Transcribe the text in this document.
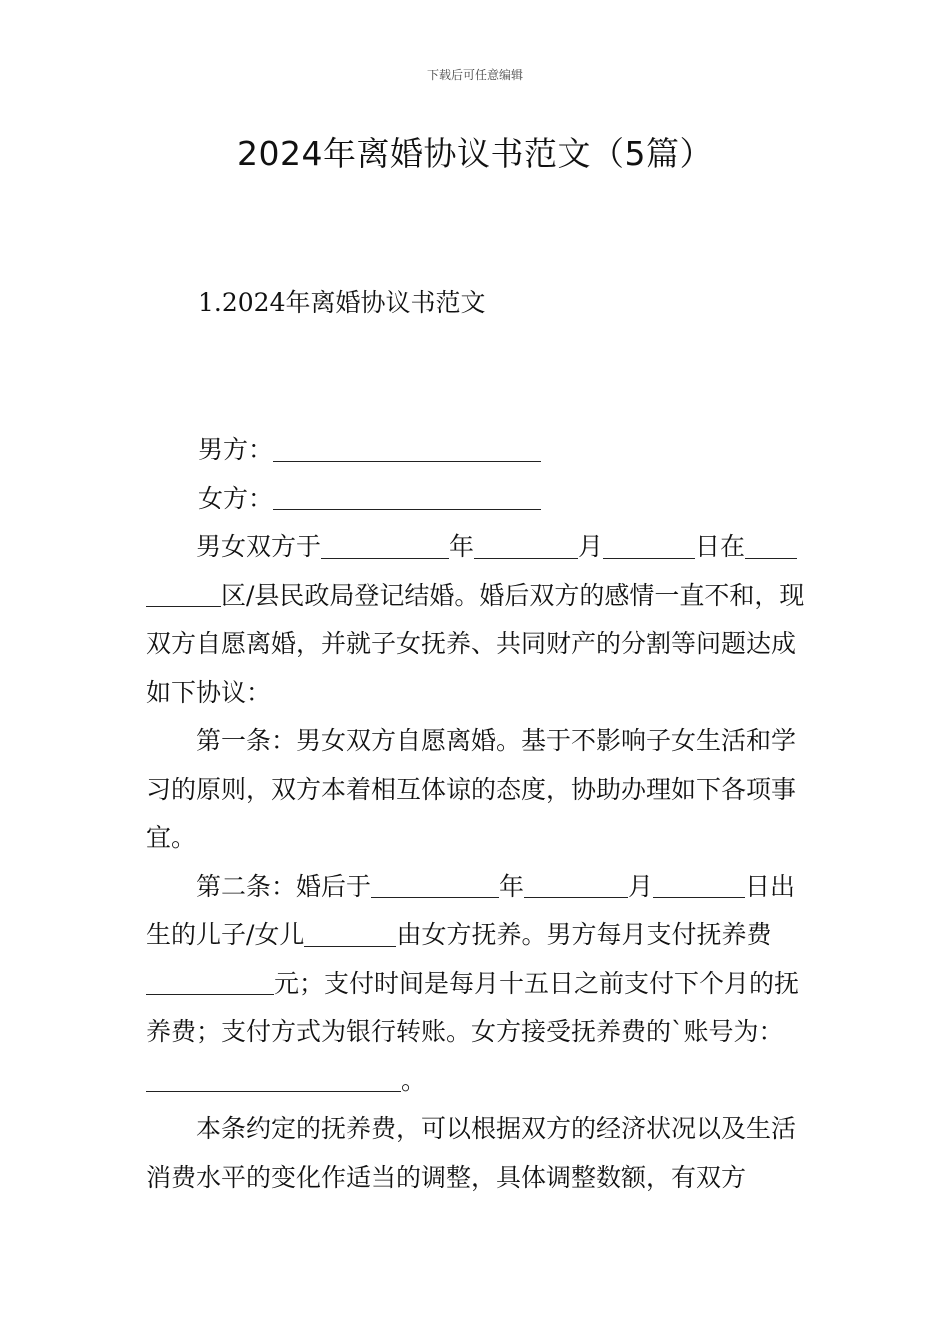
下载后可任意编辑
2024年离婚协议书范文（5篇）
1.2024年离婚协议书范文
男方：
女方：

男女双方于	年	月	日在区/县民政局登记结婚。婚后双方的感情一直不和，现双方自愿离婚，并就子女抚养、共同财产的分割等问题达成如下协议：

第一条：男女双方自愿离婚。基于不影响子女生活和学习的原则，双方本着相互体谅的态度，协助办理如下各项事宜。

第二条：婚后于	年	月	日出生的儿子/女儿	由女方抚养。男方每月支付抚养费元；支付时间是每月十五日之前支付下个月的抚养费；支付方式为银行转账。女方接受抚养费的`账号为：。

本条约定的抚养费，可以根据双方的经济状况以及生活消费水平的变化作适当的调整，具体调整数额，有双方
